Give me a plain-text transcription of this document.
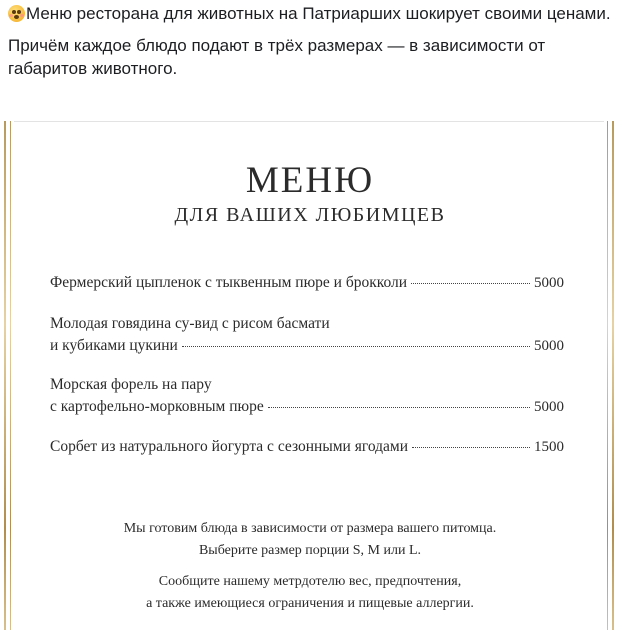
Меню ресторана для животных на Патриарших шокирует своими ценами.

Причём каждое блюдо подают в трёх размерах — в зависимости от габаритов животного.

МЕНЮ
ДЛЯ ВАШИХ ЛЮБИМЦЕВ
Фермерский цыпленок с тыквенным пюре и брокколи	5000
Молодая говядина су-вид с рисом басмати
и кубиками цукини	5000
Морская форель на пару
с картофельно-морковным пюре	5000
Сорбет из натурального йогурта с сезонными ягодами	1500
Мы готовим блюда в зависимости от размера вашего питомца.
Выберите размер порции S, M или L.
Сообщите нашему метрдотелю вес, предпочтения,
а также имеющиеся ограничения и пищевые аллергии.
